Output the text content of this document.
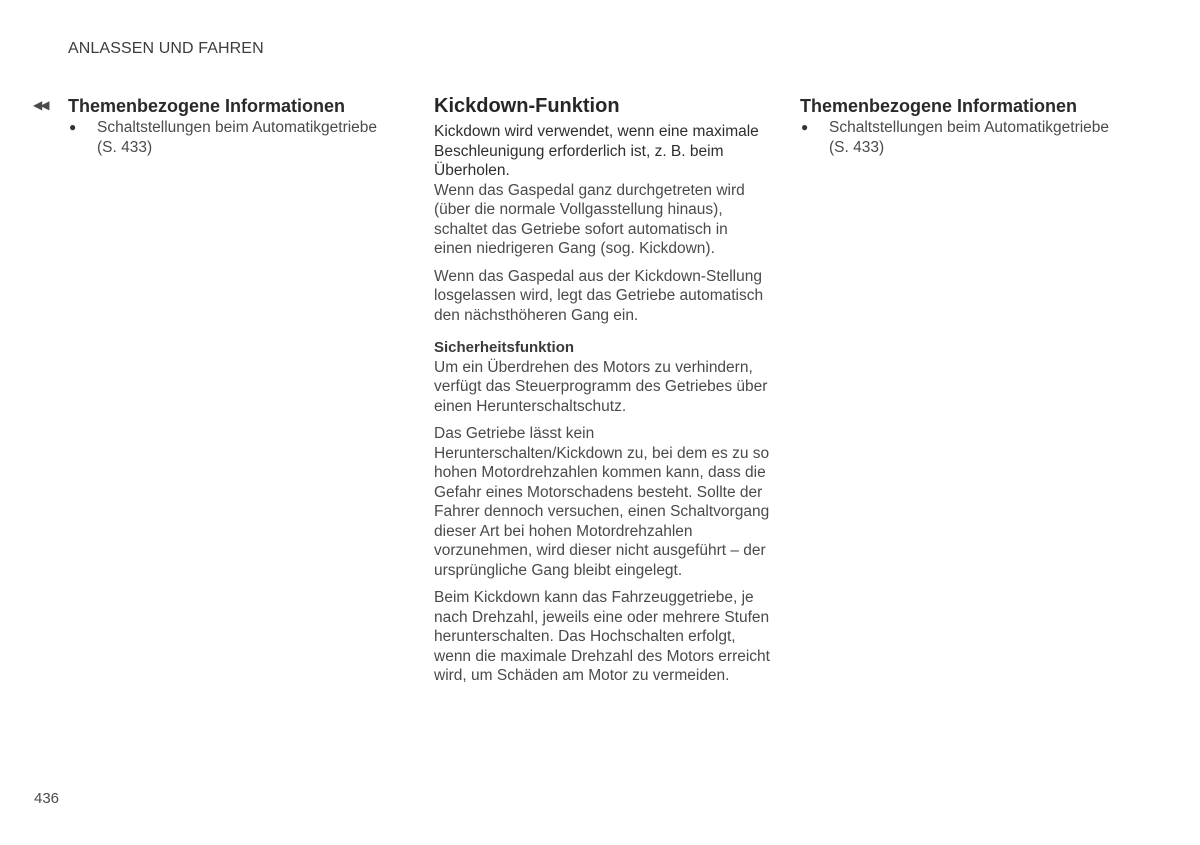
ANLASSEN UND FAHREN
◀◀ Themenbezogene Informationen
● Schaltstellungen beim Automatikgetriebe (S. 433)
Kickdown-Funktion

Kickdown wird verwendet, wenn eine maximale Beschleunigung erforderlich ist, z. B. beim Überholen.

Wenn das Gaspedal ganz durchgetreten wird (über die normale Vollgasstellung hinaus), schaltet das Getriebe sofort automatisch in einen niedrigeren Gang (sog. Kickdown).

Wenn das Gaspedal aus der Kickdown-Stellung losgelassen wird, legt das Getriebe automatisch den nächsthöheren Gang ein.

Sicherheitsfunktion

Um ein Überdrehen des Motors zu verhindern, verfügt das Steuerprogramm des Getriebes über einen Herunterschaltschutz.

Das Getriebe lässt kein Herunterschalten/Kickdown zu, bei dem es zu so hohen Motordrehzahlen kommen kann, dass die Gefahr eines Motorschadens besteht. Sollte der Fahrer dennoch versuchen, einen Schaltvorgang dieser Art bei hohen Motordrehzahlen vorzunehmen, wird dieser nicht ausgeführt – der ursprüngliche Gang bleibt eingelegt.

Beim Kickdown kann das Fahrzeuggetriebe, je nach Drehzahl, jeweils eine oder mehrere Stufen herunterschalten. Das Hochschalten erfolgt, wenn die maximale Drehzahl des Motors erreicht wird, um Schäden am Motor zu vermeiden.

Themenbezogene Informationen
● Schaltstellungen beim Automatikgetriebe (S. 433)
436
